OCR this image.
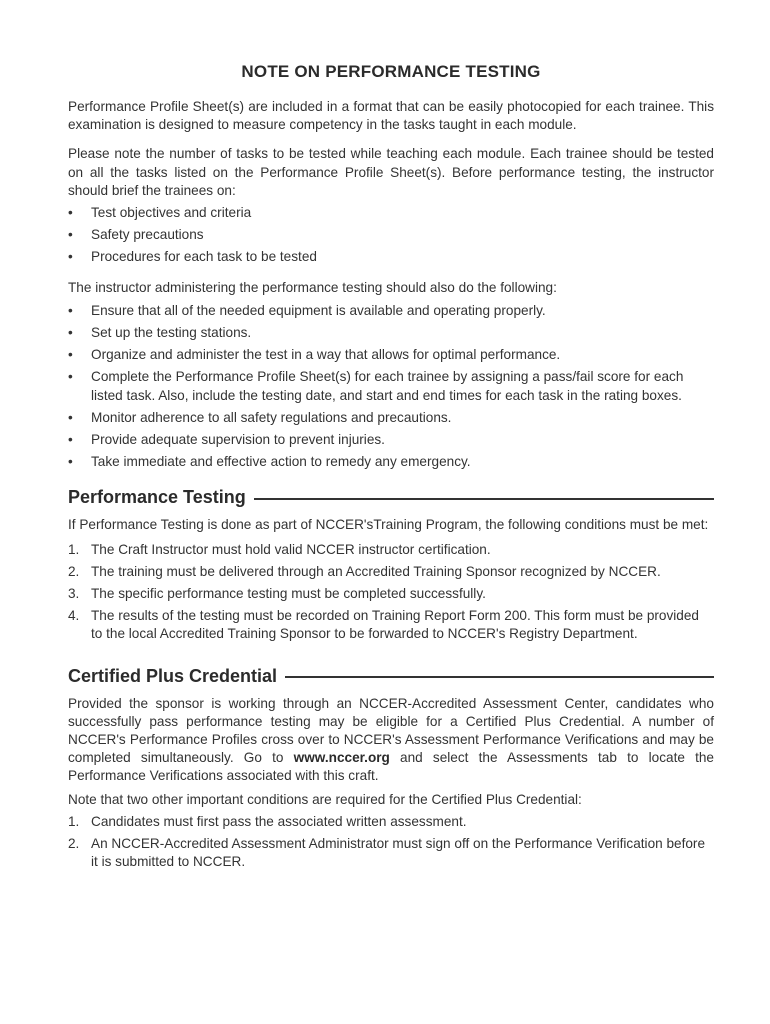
NOTE ON PERFORMANCE TESTING

Performance Profile Sheet(s) are included in a format that can be easily photocopied for each trainee. This examination is designed to measure competency in the tasks taught in each module.

Please note the number of tasks to be tested while teaching each module. Each trainee should be tested on all the tasks listed on the Performance Profile Sheet(s). Before performance testing, the instructor should brief the trainees on:

• Test objectives and criteria
• Safety precautions
• Procedures for each task to be tested

The instructor administering the performance testing should also do the following:

• Ensure that all of the needed equipment is available and operating properly.
• Set up the testing stations.
• Organize and administer the test in a way that allows for optimal performance.
• Complete the Performance Profile Sheet(s) for each trainee by assigning a pass/fail score for each listed task. Also, include the testing date, and start and end times for each task in the rating boxes.
• Monitor adherence to all safety regulations and precautions.
• Provide adequate supervision to prevent injuries.
• Take immediate and effective action to remedy any emergency.
Performance Testing

If Performance Testing is done as part of NCCER'sTraining Program, the following conditions must be met:

1. The Craft Instructor must hold valid NCCER instructor certification.
2. The training must be delivered through an Accredited Training Sponsor recognized by NCCER.
3. The specific performance testing must be completed successfully.
4. The results of the testing must be recorded on Training Report Form 200. This form must be provided to the local Accredited Training Sponsor to be forwarded to NCCER's Registry Department.
Certified Plus Credential

Provided the sponsor is working through an NCCER-Accredited Assessment Center, candidates who successfully pass performance testing may be eligible for a Certified Plus Credential. A number of NCCER's Performance Profiles cross over to NCCER's Assessment Performance Verifications and may be completed simultaneously. Go to www.nccer.org and select the Assessments tab to locate the Performance Verifications associated with this craft.

Note that two other important conditions are required for the Certified Plus Credential:

1. Candidates must first pass the associated written assessment.
2. An NCCER-Accredited Assessment Administrator must sign off on the Performance Verification before it is submitted to NCCER.
